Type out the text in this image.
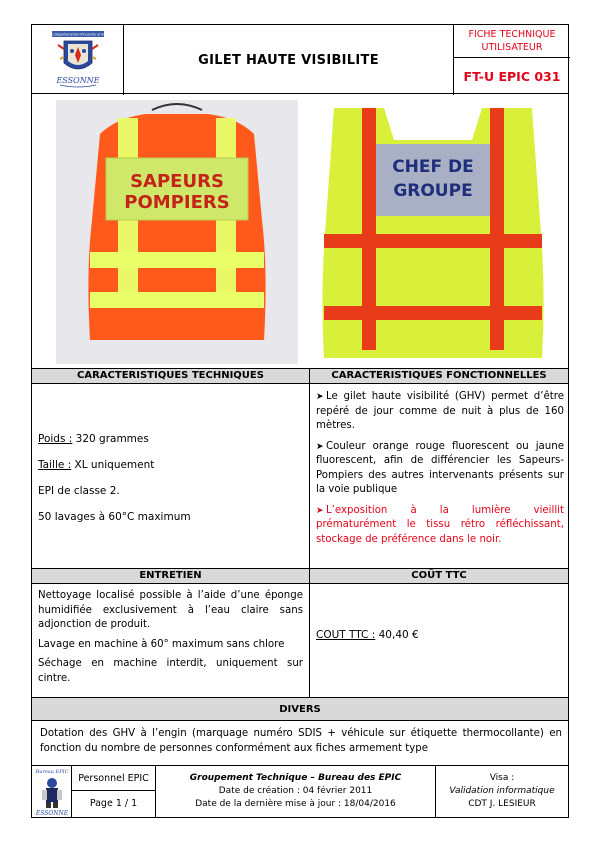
Le Service Départemental d'Incendie et de Secours
ESSONNE
GILET HAUTE VISIBILITE
FICHE TECHNIQUE UTILISATEUR
FT-U EPIC 031
SAPEURS
POMPIERS
CHEF DE
GROUPE
CARACTERISTIQUES TECHNIQUES

Poids : 320 grammes

Taille : XL uniquement

EPI de classe 2.

50 lavages à 60°C maximum

CARACTERISTIQUES FONCTIONNELLES

➤ Le gilet haute visibilité (GHV) permet d’être repéré de jour comme de nuit à plus de 160 mètres.

➤ Couleur orange rouge fluorescent ou jaune fluorescent, afin de différencier les Sapeurs-Pompiers des autres intervenants présents sur la voie publique

➤ L’exposition à la lumière vieillit prématurément le tissu rétro réfléchissant, stockage de préférence dans le noir.

ENTRETIEN

Nettoyage localisé possible à l’aide d’une éponge humidifiée exclusivement à l’eau claire sans adjonction de produit.

Lavage en machine à 60° maximum sans chlore

Séchage en machine interdit, uniquement sur cintre.

COÛT TTC
COUT TTC : 40,40 €
DIVERS

Dotation des GHV à l’engin (marquage numéro SDIS + véhicule sur étiquette thermocollante) en fonction du nombre de personnes conformément aux fiches armement type

Bureau EPIC
ESSONNE
Personnel EPIC
Page 1 / 1
Groupement Technique – Bureau des EPIC
Date de création : 04 février 2011
Date de la dernière mise à jour : 18/04/2016
Visa :
Validation informatique
CDT J. LESIEUR
